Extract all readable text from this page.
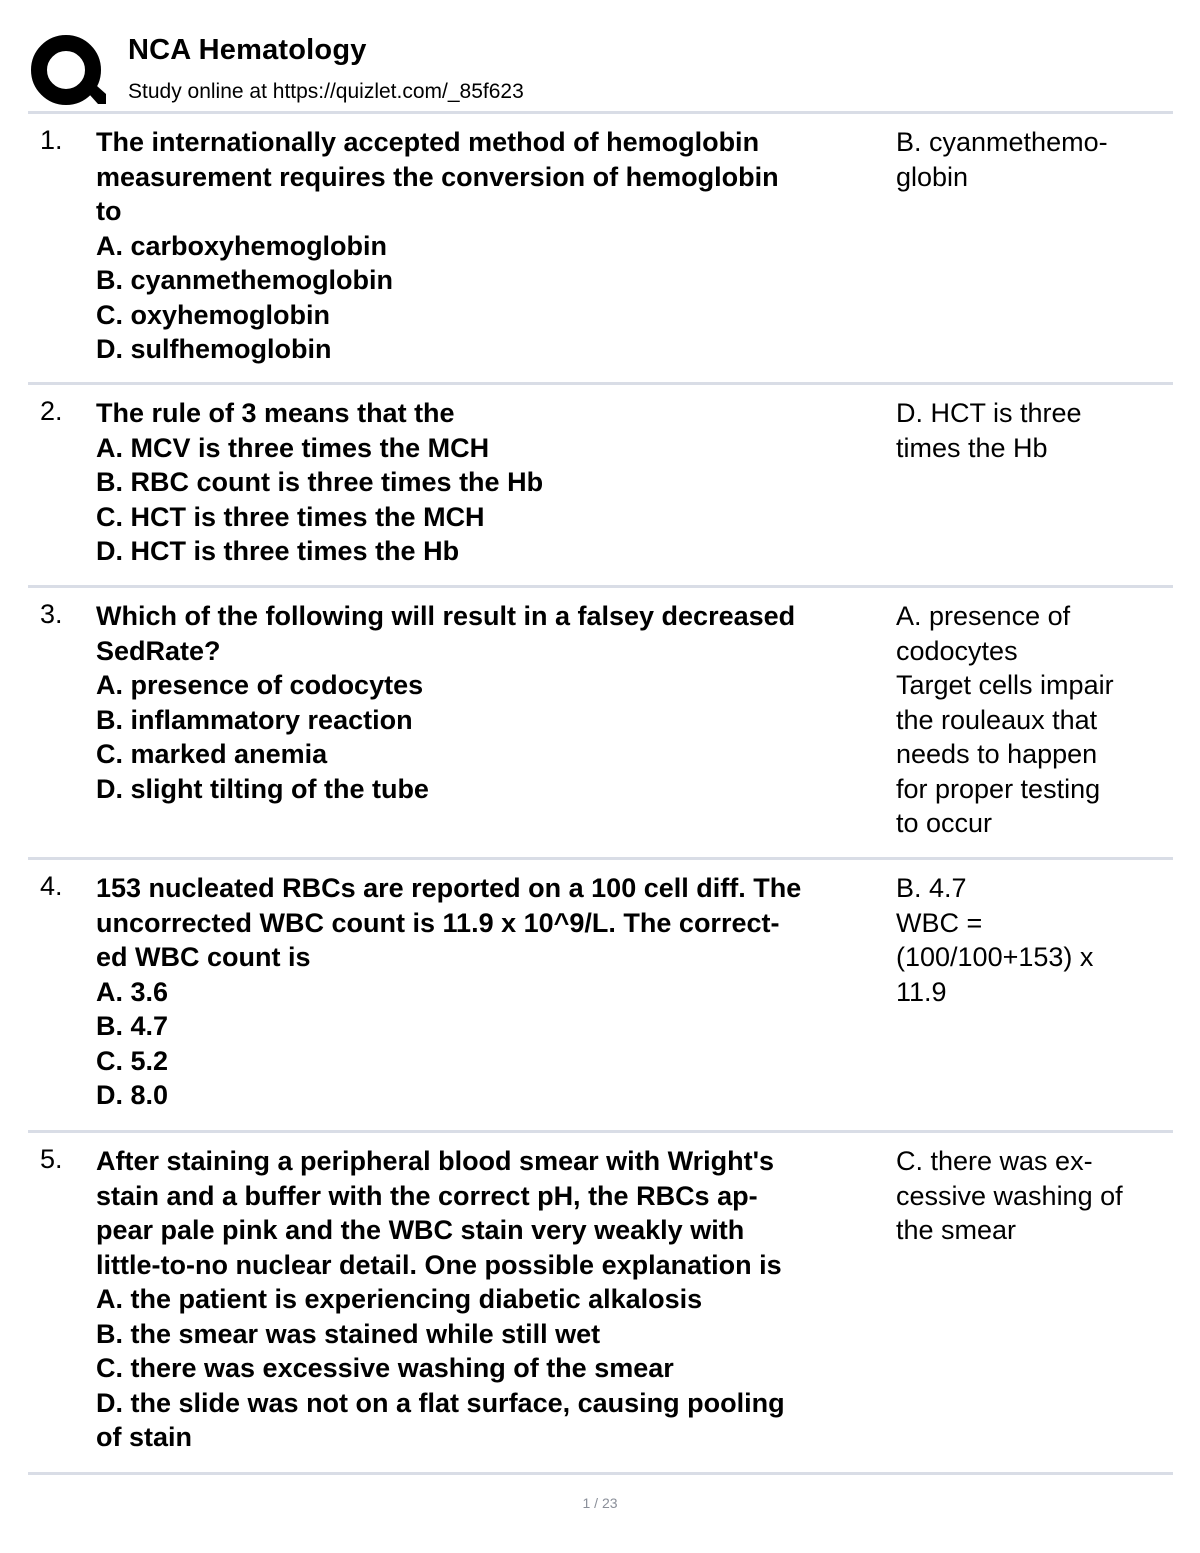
NCA Hematology
Study online at https://quizlet.com/_85f623
1. The internationally accepted method of hemoglobin
measurement requires the conversion of hemoglobin
to
A. carboxyhemoglobin
B. cyanmethemoglobin
C. oxyhemoglobin
D. sulfhemoglobin
B. cyanmethemo-
globin
2. The rule of 3 means that the
A. MCV is three times the MCH
B. RBC count is three times the Hb
C. HCT is three times the MCH
D. HCT is three times the Hb
D. HCT is three
times the Hb
3. Which of the following will result in a falsey decreased
SedRate?
A. presence of codocytes
B. inflammatory reaction
C. marked anemia
D. slight tilting of the tube
A. presence of
codocytes
Target cells impair
the rouleaux that
needs to happen
for proper testing
to occur
4. 153 nucleated RBCs are reported on a 100 cell diff. The
uncorrected WBC count is 11.9 x 10^9/L. The correct-
ed WBC count is
A. 3.6
B. 4.7
C. 5.2
D. 8.0
B. 4.7
WBC =
(100/100+153) x
11.9
5. After staining a peripheral blood smear with Wright's
stain and a buffer with the correct pH, the RBCs ap-
pear pale pink and the WBC stain very weakly with
little-to-no nuclear detail. One possible explanation is
A. the patient is experiencing diabetic alkalosis
B. the smear was stained while still wet
C. there was excessive washing of the smear
D. the slide was not on a flat surface, causing pooling
of stain
C. there was ex-
cessive washing of
the smear
1 / 23
